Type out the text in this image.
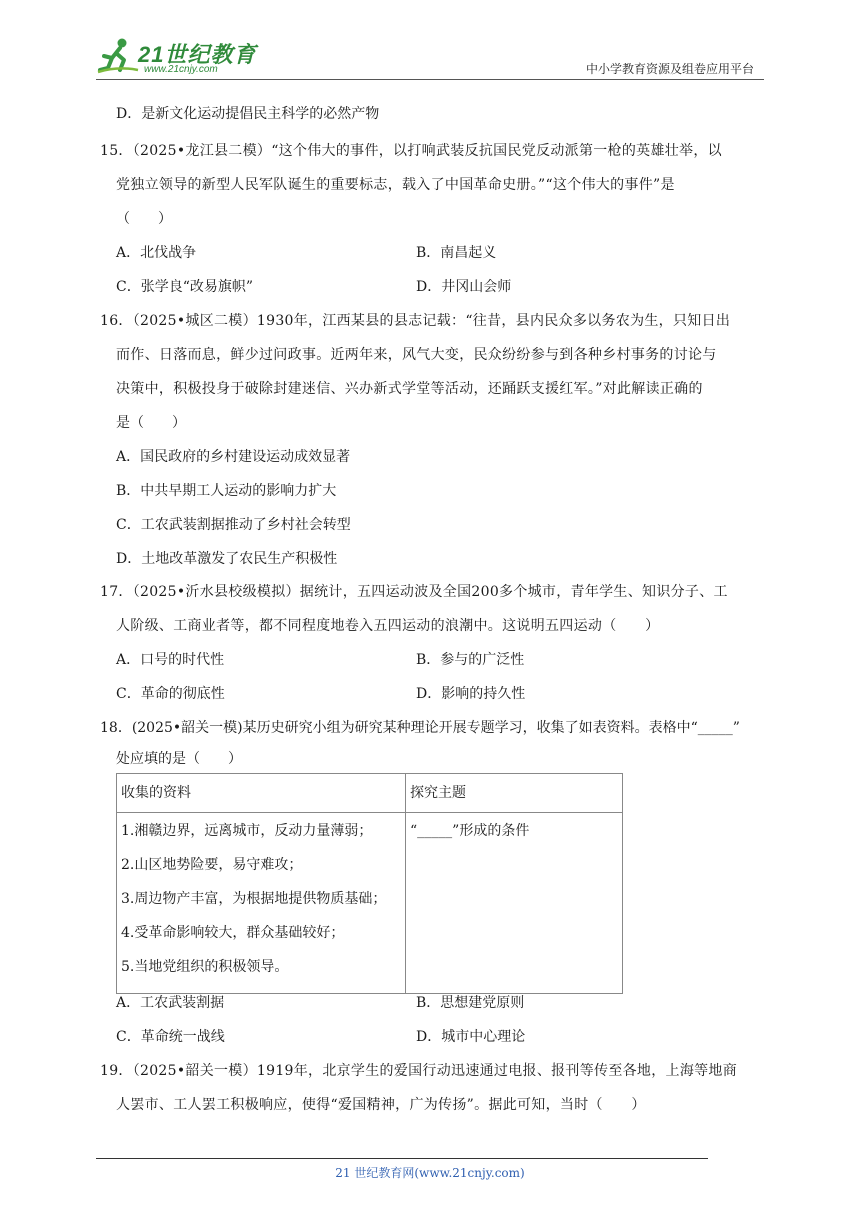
21世纪教育
www.21cnjy.com	中小学教育资源及组卷应用平台
D．是新文化运动提倡民主科学的必然产物
15．（2025•龙江县二模）“这个伟大的事件，以打响武装反抗国民党反动派第一枪的英雄壮举，以
党独立领导的新型人民军队诞生的重要标志，载入了中国革命史册。”“这个伟大的事件”是
（　　）
A．北伐战争	B．南昌起义
C．张学良“改易旗帜”	D．井冈山会师
16．（2025•城区二模）1930年，江西某县的县志记载：“往昔，县内民众多以务农为生，只知日出
而作、日落而息，鲜少过问政事。近两年来，风气大变，民众纷纷参与到各种乡村事务的讨论与
决策中，积极投身于破除封建迷信、兴办新式学堂等活动，还踊跃支援红军。”对此解读正确的
是（　　）
A．国民政府的乡村建设运动成效显著
B．中共早期工人运动的影响力扩大
C．工农武装割据推动了乡村社会转型
D．土地改革激发了农民生产积极性
17．（2025•沂水县校级模拟）据统计，五四运动波及全国200多个城市，青年学生、知识分子、工
人阶级、工商业者等，都不同程度地卷入五四运动的浪潮中。这说明五四运动（　　）
A．口号的时代性	B．参与的广泛性
C．革命的彻底性	D．影响的持久性
18．(2025•韶关一模)某历史研究小组为研究某种理论开展专题学习，收集了如表资料。表格中“_____”
处应填的是（　　）
收集的资料	探究主题

1.湘赣边界，远离城市，反动力量薄弱；
2.山区地势险要，易守难攻；
3.周边物产丰富，为根据地提供物质基础；
4.受革命影响较大，群众基础较好；
5.当地党组织的积极领导。	“_____”形成的条件
A．工农武装割据	B．思想建党原则
C．革命统一战线	D．城市中心理论
19．（2025•韶关一模）1919年，北京学生的爱国行动迅速通过电报、报刊等传至各地，上海等地商
人罢市、工人罢工积极响应，使得“爱国精神，广为传扬”。据此可知，当时（　　）
21 世纪教育网(www.21cnjy.com)
